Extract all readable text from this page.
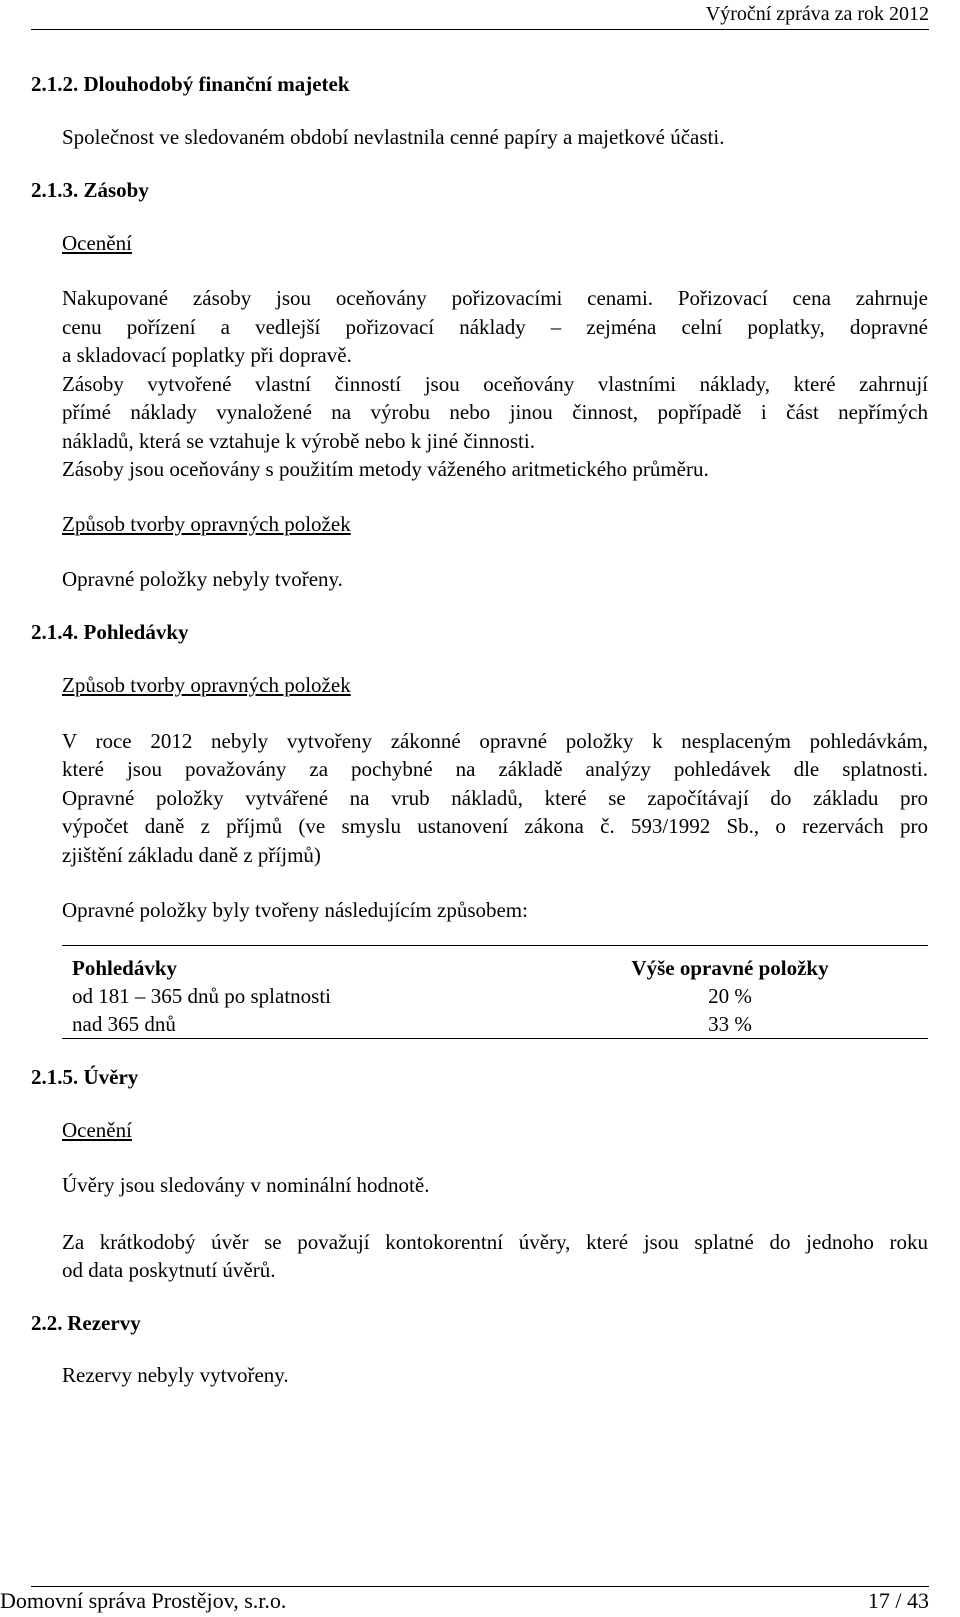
Výroční zpráva za rok 2012
2.1.2. Dlouhodobý finanční majetek
Společnost ve sledovaném období nevlastnila cenné papíry a majetkové účasti.
2.1.3. Zásoby
Ocenění
Nakupované zásoby jsou oceňovány pořizovacími cenami. Pořizovací cena zahrnuje
cenu pořízení a vedlejší pořizovací náklady – zejména celní poplatky, dopravné
a skladovací poplatky při dopravě.
Zásoby vytvořené vlastní činností jsou oceňovány vlastními náklady, které zahrnují
přímé náklady vynaložené na výrobu nebo jinou činnost, popřípadě i část nepřímých
nákladů, která se vztahuje k výrobě nebo k jiné činnosti.
Zásoby jsou oceňovány s použitím metody váženého aritmetického průměru.
Způsob tvorby opravných položek
Opravné položky nebyly tvořeny.
2.1.4. Pohledávky
Způsob tvorby opravných položek
V roce 2012 nebyly vytvořeny zákonné opravné položky k nesplaceným pohledávkám,
které jsou považovány za pochybné na základě analýzy pohledávek dle splatnosti.
Opravné položky vytvářené na vrub nákladů, které se započítávají do základu pro
výpočet daně z příjmů (ve smyslu ustanovení zákona č. 593/1992 Sb., o rezervách pro
zjištění základu daně z příjmů)
Opravné položky byly tvořeny následujícím způsobem:
Pohledávky	Výše opravné položky
od 181 – 365 dnů po splatnosti	20 %
nad 365 dnů	33 %
2.1.5. Úvěry
Ocenění
Úvěry jsou sledovány v nominální hodnotě.
Za krátkodobý úvěr se považují kontokorentní úvěry, které jsou splatné do jednoho roku
od data poskytnutí úvěrů.
2.2. Rezervy
Rezervy nebyly vytvořeny.
Domovní správa Prostějov, s.r.o.	17 / 43
